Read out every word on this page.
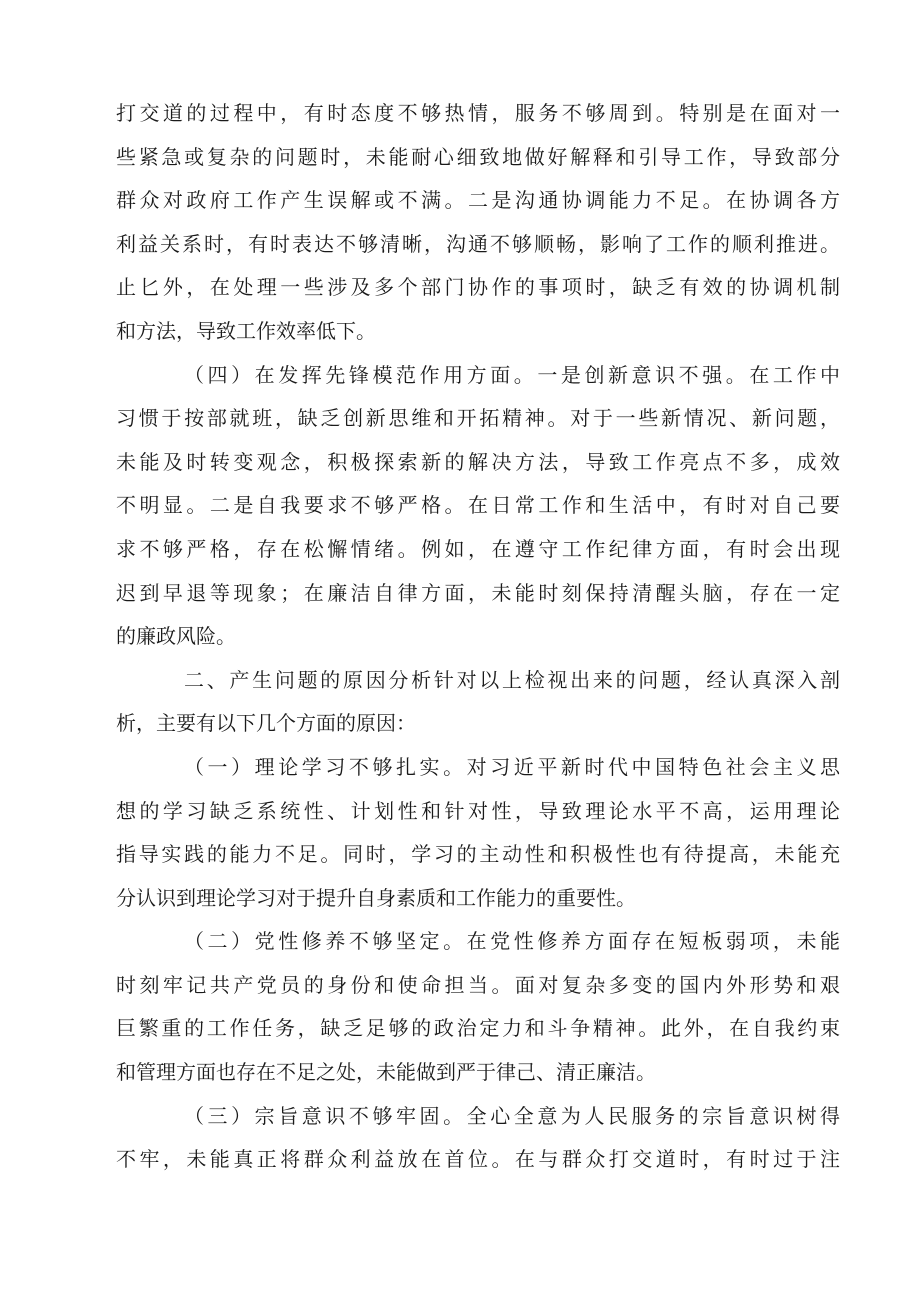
打交道的过程中，有时态度不够热情，服务不够周到。特别是在面对一
些紧急或复杂的问题时，未能耐心细致地做好解释和引导工作，导致部分
群众对政府工作产生误解或不满。二是沟通协调能力不足。在协调各方
利益关系时，有时表达不够清晰，沟通不够顺畅，影响了工作的顺利推进。
止匕外，在处理一些涉及多个部门协作的事项时，缺乏有效的协调机制
和方法，导致工作效率低下。
（四）在发挥先锋模范作用方面。一是创新意识不强。在工作中
习惯于按部就班，缺乏创新思维和开拓精神。对于一些新情况、新问题，
未能及时转变观念，积极探索新的解决方法，导致工作亮点不多，成效
不明显。二是自我要求不够严格。在日常工作和生活中，有时对自己要
求不够严格，存在松懈情绪。例如，在遵守工作纪律方面，有时会出现
迟到早退等现象；在廉洁自律方面，未能时刻保持清醒头脑，存在一定
的廉政风险。
二、产生问题的原因分析针对以上检视出来的问题，经认真深入剖
析，主要有以下几个方面的原因：
（一）理论学习不够扎实。对习近平新时代中国特色社会主义思
想的学习缺乏系统性、计划性和针对性，导致理论水平不高，运用理论
指导实践的能力不足。同时，学习的主动性和积极性也有待提高，未能充
分认识到理论学习对于提升自身素质和工作能力的重要性。
（二）党性修养不够坚定。在党性修养方面存在短板弱项，未能
时刻牢记共产党员的身份和使命担当。面对复杂多变的国内外形势和艰
巨繁重的工作任务，缺乏足够的政治定力和斗争精神。此外，在自我约束
和管理方面也存在不足之处，未能做到严于律己、清正廉洁。
（三）宗旨意识不够牢固。全心全意为人民服务的宗旨意识树得
不牢，未能真正将群众利益放在首位。在与群众打交道时，有时过于注
